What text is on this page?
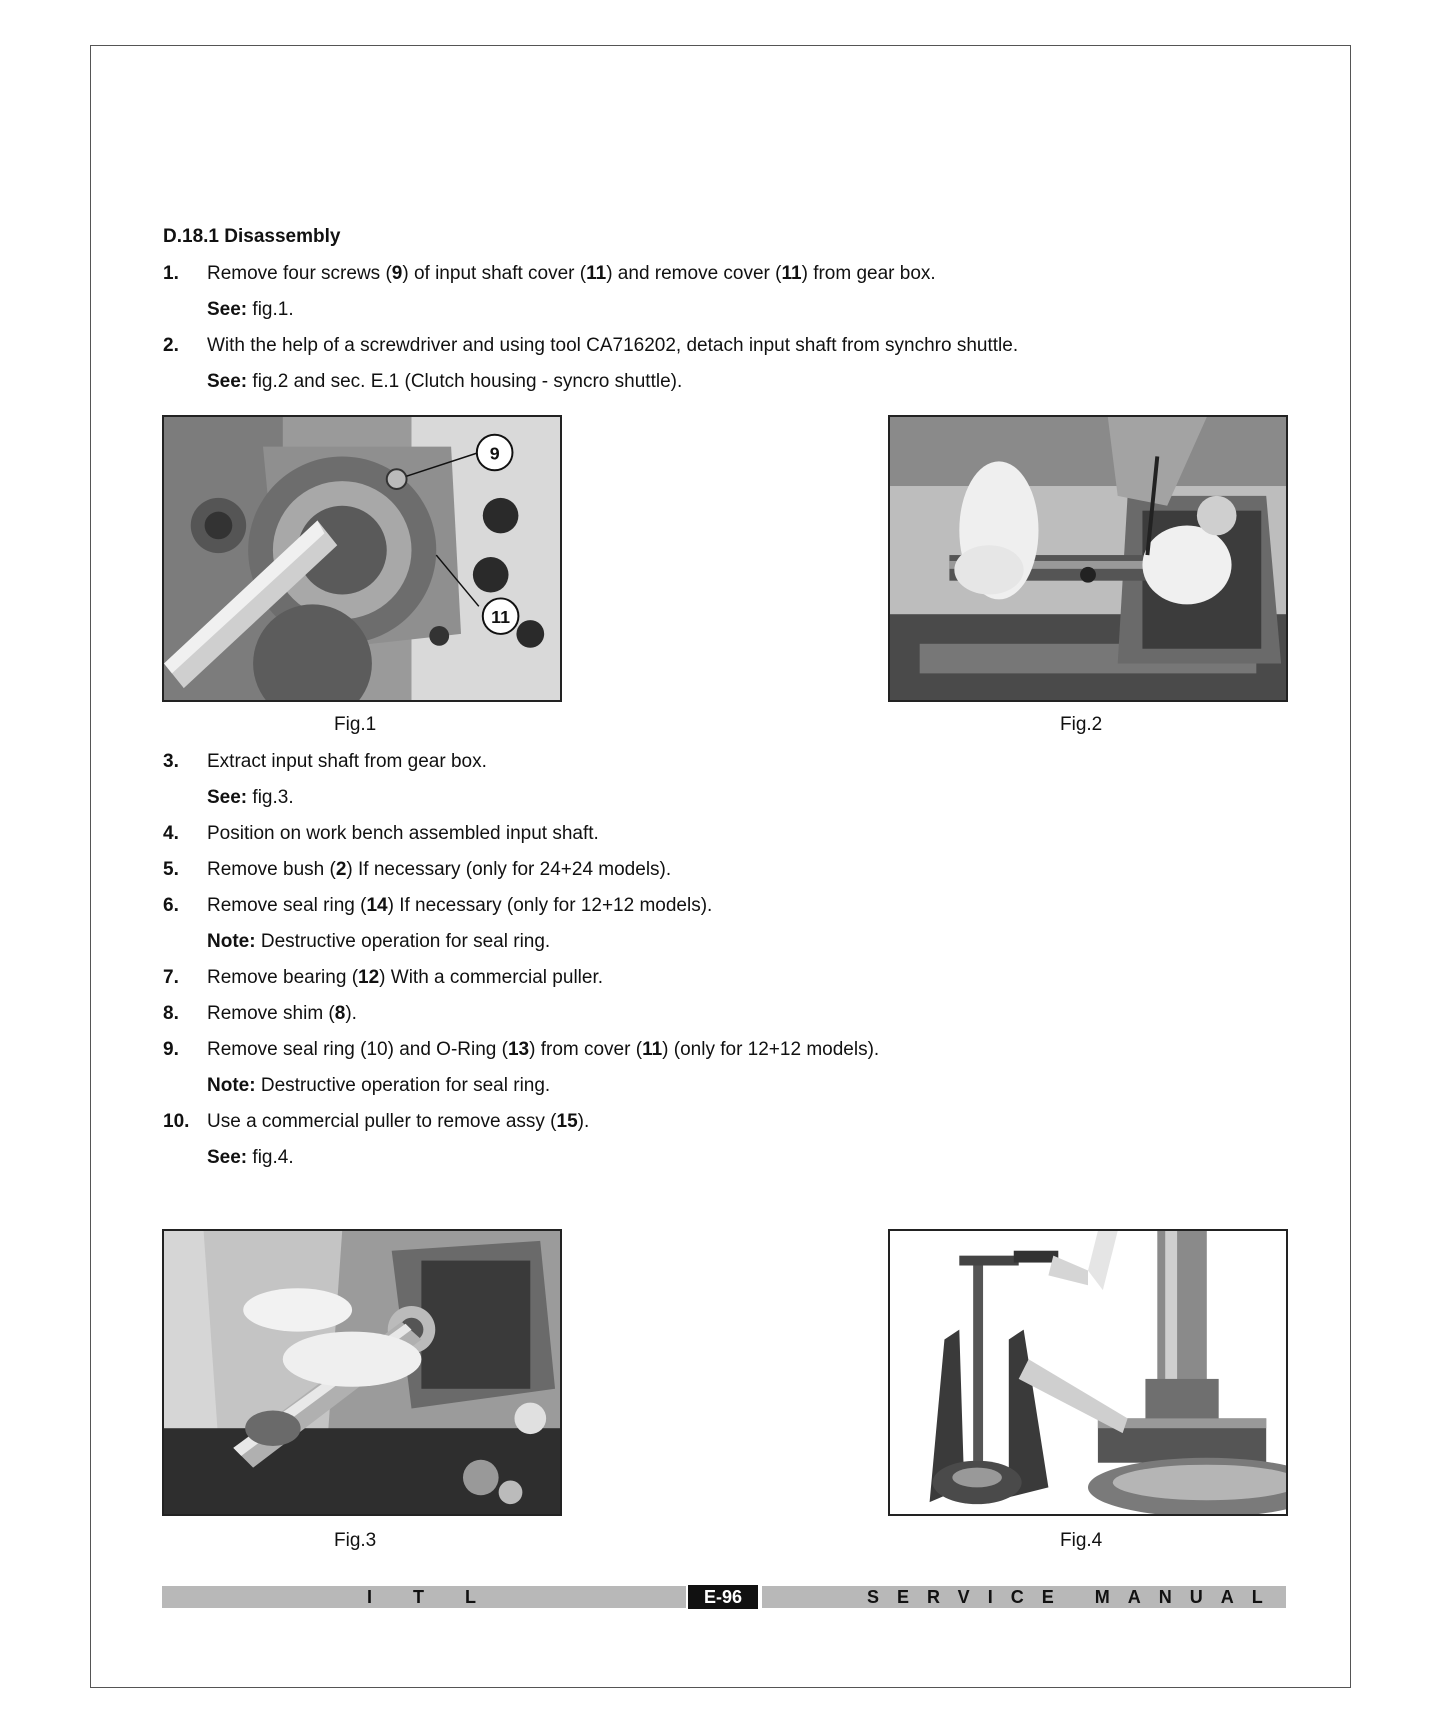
D.18.1 Disassembly
1. Remove four screws (9) of input shaft cover (11) and remove cover (11) from gear box.
See: fig.1.
2. With the help of a screwdriver and using tool CA716202, detach input shaft from synchro shuttle.
See: fig.2 and sec. E.1 (Clutch housing - syncro shuttle).
9
11
Fig.1	Fig.2
3. Extract input shaft from gear box.
See: fig.3.
4. Position on work bench assembled input shaft.
5. Remove bush (2) If necessary (only for 24+24 models).
6. Remove seal ring (14) If necessary (only for 12+12 models).
Note: Destructive operation for seal ring.
7. Remove bearing (12) With a commercial puller.
8. Remove shim (8).
9. Remove seal ring (10) and O-Ring (13) from cover (11) (only for 12+12 models).
Note: Destructive operation for seal ring.
10. Use a commercial puller to remove assy (15).
See: fig.4.
Fig.3	Fig.4
I T L	E-96	SERVICE MANUAL
